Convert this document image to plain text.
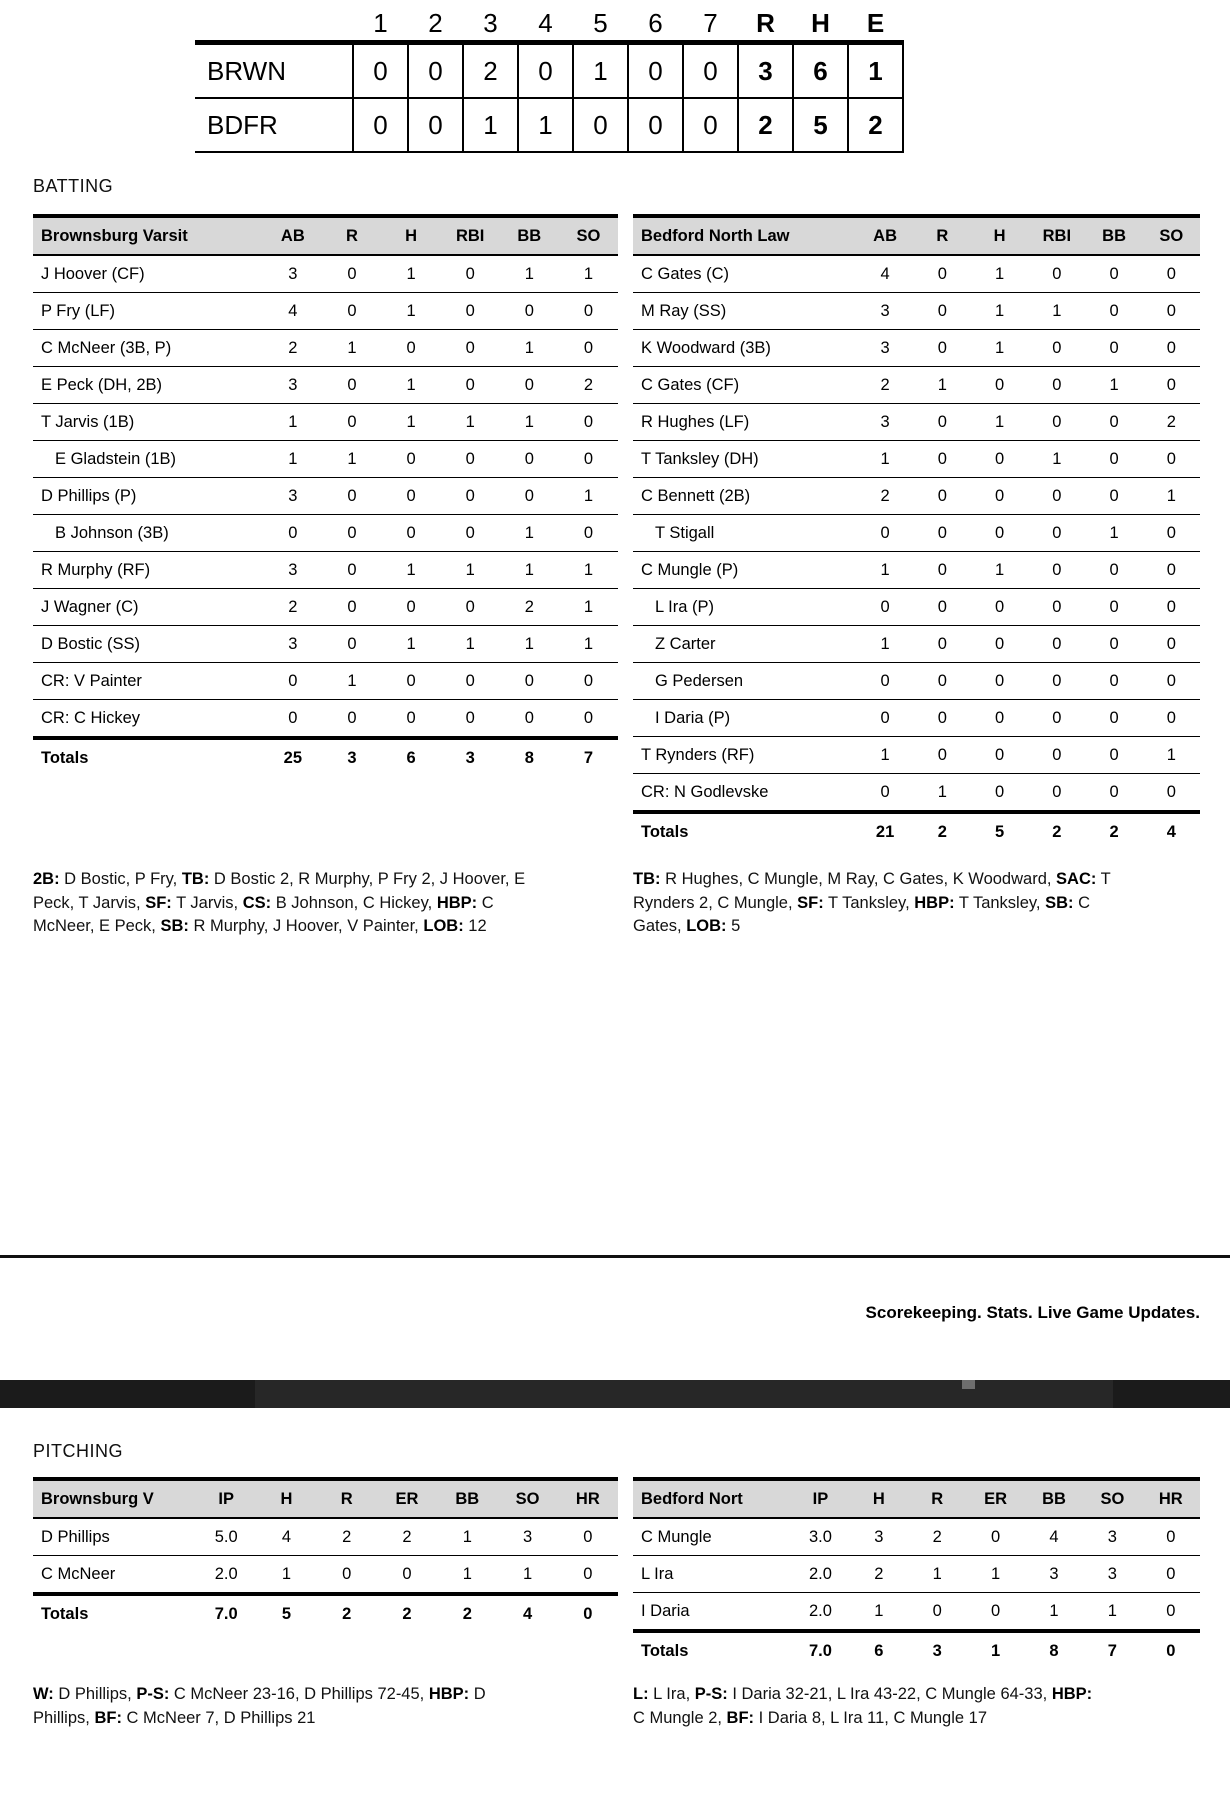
	1	2	3	4	5	6	7	R	H	E
BRWN	0	0	2	0	1	0	0	3	6	1
BDFR	0	0	1	1	0	0	0	2	5	2
BATTING
Brownsburg Varsit	AB	R	H	RBI	BB	SO
J Hoover (CF)	3	0	1	0	1	1
P Fry (LF)	4	0	1	0	0	0
C McNeer (3B, P)	2	1	0	0	1	0
E Peck (DH, 2B)	3	0	1	0	0	2
T Jarvis (1B)	1	0	1	1	1	0
E Gladstein (1B)	1	1	0	0	0	0
D Phillips (P)	3	0	0	0	0	1
B Johnson (3B)	0	0	0	0	1	0
R Murphy (RF)	3	0	1	1	1	1
J Wagner (C)	2	0	0	0	2	1
D Bostic (SS)	3	0	1	1	1	1
CR: V Painter	0	1	0	0	0	0
CR: C Hickey	0	0	0	0	0	0
Totals	25	3	6	3	8	7
Bedford North Law	AB	R	H	RBI	BB	SO
C Gates (C)	4	0	1	0	0	0
M Ray (SS)	3	0	1	1	0	0
K Woodward (3B)	3	0	1	0	0	0
C Gates (CF)	2	1	0	0	1	0
R Hughes (LF)	3	0	1	0	0	2
T Tanksley (DH)	1	0	0	1	0	0
C Bennett (2B)	2	0	0	0	0	1
T Stigall	0	0	0	0	1	0
C Mungle (P)	1	0	1	0	0	0
L Ira (P)	0	0	0	0	0	0
Z Carter	1	0	0	0	0	0
G Pedersen	0	0	0	0	0	0
I Daria (P)	0	0	0	0	0	0
T Rynders (RF)	1	0	0	0	0	1
CR: N Godlevske	0	1	0	0	0	0
Totals	21	2	5	2	2	4

2B: D Bostic, P Fry, TB: D Bostic 2, R Murphy, P Fry 2, J Hoover, E Peck, T Jarvis, SF: T Jarvis, CS: B Johnson, C Hickey, HBP: C McNeer, E Peck, SB: R Murphy, J Hoover, V Painter, LOB: 12

TB: R Hughes, C Mungle, M Ray, C Gates, K Woodward, SAC: T Rynders 2, C Mungle, SF: T Tanksley, HBP: T Tanksley, SB: C Gates, LOB: 5

Scorekeeping. Stats. Live Game Updates.
PITCHING
Brownsburg V	IP	H	R	ER	BB	SO	HR
D Phillips	5.0	4	2	2	1	3	0
C McNeer	2.0	1	0	0	1	1	0
Totals	7.0	5	2	2	2	4	0
Bedford Nort	IP	H	R	ER	BB	SO	HR
C Mungle	3.0	3	2	0	4	3	0
L Ira	2.0	2	1	1	3	3	0
I Daria	2.0	1	0	0	1	1	0
Totals	7.0	6	3	1	8	7	0

W: D Phillips, P-S: C McNeer 23-16, D Phillips 72-45, HBP: D Phillips, BF: C McNeer 7, D Phillips 21

L: L Ira, P-S: I Daria 32-21, L Ira 43-22, C Mungle 64-33, HBP: C Mungle 2, BF: I Daria 8, L Ira 11, C Mungle 17
